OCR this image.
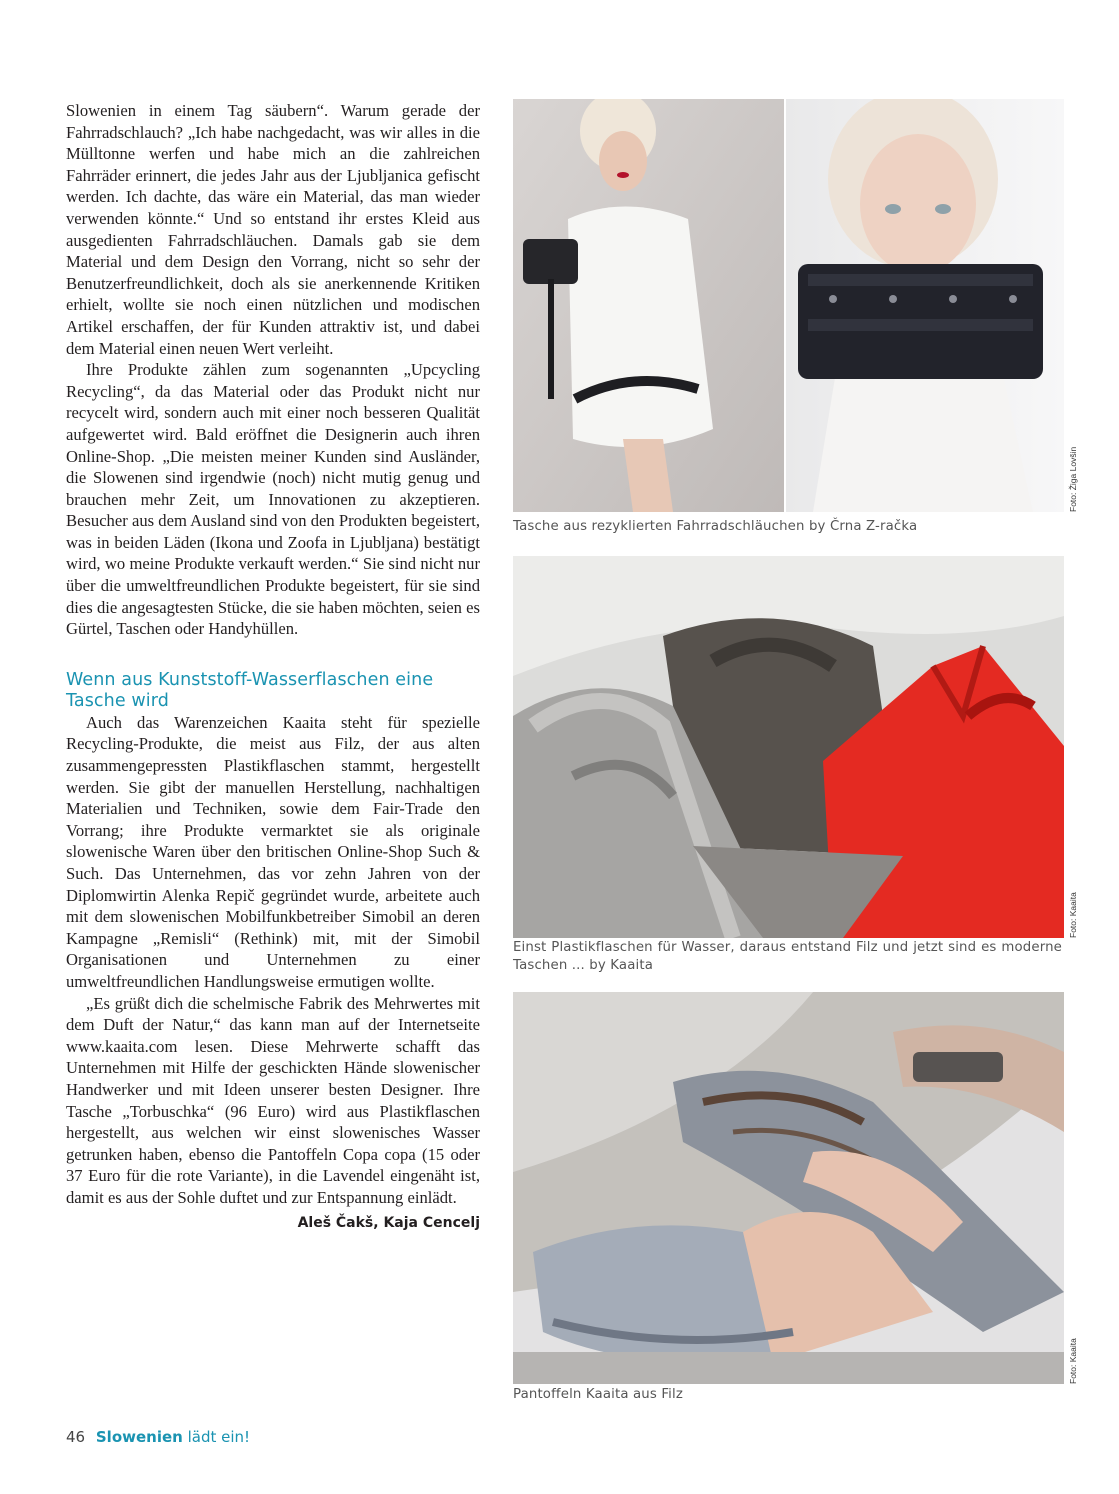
Slowenien in einem Tag säubern“. Warum gerade der Fahrradschlauch? „Ich habe nachgedacht, was wir alles in die Mülltonne werfen und habe mich an die zahlreichen Fahrräder erinnert, die jedes Jahr aus der Ljubljanica gefischt werden. Ich dachte, das wäre ein Material, das man wieder verwenden könnte.“ Und so entstand ihr erstes Kleid aus ausgedienten Fahrradschläuchen. Damals gab sie dem Material und dem Design den Vorrang, nicht so sehr der Benutzerfreundlichkeit, doch als sie anerkennende Kritiken erhielt, wollte sie noch einen nützlichen und modischen Artikel erschaffen, der für Kunden attraktiv ist, und dabei dem Material einen neuen Wert verleiht.

Ihre Produkte zählen zum sogenannten „Upcycling Recycling“, da das Material oder das Produkt nicht nur recycelt wird, sondern auch mit einer noch besseren Qualität aufgewertet wird. Bald eröffnet die Designerin auch ihren Online-Shop. „Die meisten meiner Kunden sind Ausländer, die Slowenen sind irgendwie (noch) nicht mutig genug und brauchen mehr Zeit, um Innovationen zu akzeptieren. Besucher aus dem Ausland sind von den Produkten begeistert, was in beiden Läden (Ikona und Zoofa in Ljubljana) bestätigt wird, wo meine Produkte verkauft werden.“ Sie sind nicht nur über die umweltfreundlichen Produkte begeistert, für sie sind dies die angesagtesten Stücke, die sie haben möchten, seien es Gürtel, Taschen oder Handyhüllen.

Wenn aus Kunststoff-Wasserflaschen eine Tasche wird

Auch das Warenzeichen Kaaita steht für spezielle Recycling-Produkte, die meist aus Filz, der aus alten zusammengepressten Plastikflaschen stammt, hergestellt werden. Sie gibt der manuellen Herstellung, nachhaltigen Materialien und Techniken, sowie dem Fair-Trade den Vorrang; ihre Produkte vermarktet sie als originale slowenische Waren über den britischen Online-Shop Such & Such. Das Unternehmen, das vor zehn Jahren von der Diplomwirtin Alenka Repič gegründet wurde, arbeitete auch mit dem slowenischen Mobilfunkbetreiber Simobil an deren Kampagne „Remisli“ (Rethink) mit, mit der Simobil Organisationen und Unternehmen zu einer umweltfreundlichen Handlungsweise ermutigen wollte.

„Es grüßt dich die schelmische Fabrik des Mehrwertes mit dem Duft der Natur,“ das kann man auf der Internetseite www.kaaita.com lesen. Diese Mehrwerte schafft das Unternehmen mit Hilfe der geschickten Hände slowenischer Handwerker und mit Ideen unserer besten Designer. Ihre Tasche „Torbuschka“ (96 Euro) wird aus Plastikflaschen hergestellt, aus welchen wir einst slowenisches Wasser getrunken haben, ebenso die Pantoffeln Copa copa (15 oder 37 Euro für die rote Variante), in die Lavendel eingenäht ist, damit es aus der Sohle duftet und zur Entspannung einlädt.

Aleš Čakš, Kaja Cencelj
Foto: Žiga Lovšin
Tasche aus rezyklierten Fahrradschläuchen by Črna Z-račka
Foto: Kaaita
Einst Plastikflaschen für Wasser, daraus entstand Filz und jetzt sind es moderne Taschen ... by Kaaita
Foto: Kaaita
Pantoffeln Kaaita aus Filz
46 Slowenien lädt ein!
